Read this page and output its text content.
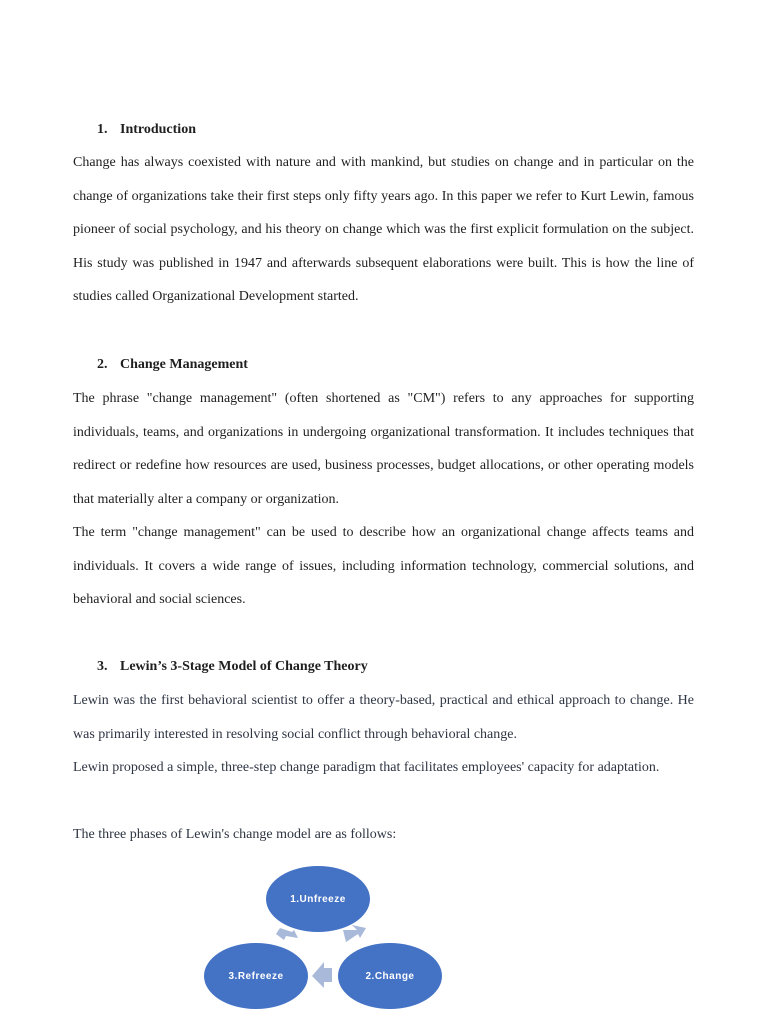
1. Introduction

Change has always coexisted with nature and with mankind, but studies on change and in particular on the change of organizations take their first steps only fifty years ago. In this paper we refer to Kurt Lewin, famous pioneer of social psychology, and his theory on change which was the first explicit formulation on the subject. His study was published in 1947 and afterwards subsequent elaborations were built. This is how the line of studies called Organizational Development started.

2. Change Management

The phrase "change management" (often shortened as "CM") refers to any approaches for supporting individuals, teams, and organizations in undergoing organizational transformation. It includes techniques that redirect or redefine how resources are used, business processes, budget allocations, or other operating models that materially alter a company or organization.

The term "change management" can be used to describe how an organizational change affects teams and individuals. It covers a wide range of issues, including information technology, commercial solutions, and behavioral and social sciences.

3. Lewin’s 3-Stage Model of Change Theory

Lewin was the first behavioral scientist to offer a theory-based, practical and ethical approach to change. He was primarily interested in resolving social conflict through behavioral change.

Lewin proposed a simple, three-step change paradigm that facilitates employees' capacity for adaptation.

The three phases of Lewin's change model are as follows:

1.Unfreeze
2.Change
3.Refreeze
